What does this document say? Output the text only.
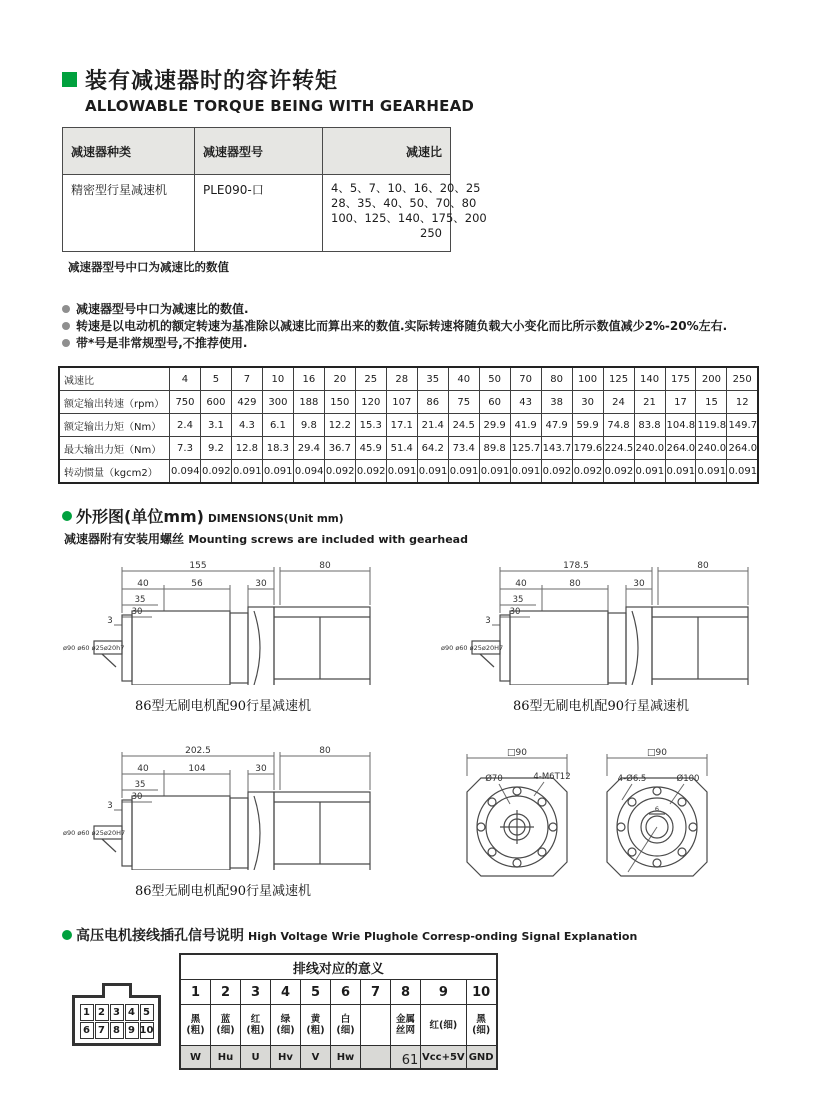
装有减速器时的容许转矩
ALLOWABLE TORQUE BEING WITH GEARHEAD
减速器种类	减速器型号	减速比
精密型行星减速机	PLE090-口	4、5、7、10、16、20、25
28、35、40、50、70、80
100、125、140、175、200
250
减速器型号中口为减速比的数值
减速器型号中口为减速比的数值.
转速是以电动机的额定转速为基准除以减速比而算出来的数值.实际转速将随负载大小变化而比所示数值减少2%-20%左右.
带*号是非常规型号,不推荐使用.
减速比	4	5	7	10	16	20	25	28	35	40	50	70	80	100	125	140	175	200	250
额定输出转速（rpm）	750	600	429	300	188	150	120	107	86	75	60	43	38	30	24	21	17	15	12
额定输出力矩（Nm）	2.4	3.1	4.3	6.1	9.8	12.2	15.3	17.1	21.4	24.5	29.9	41.9	47.9	59.9	74.8	83.8	104.8	119.8	149.7
最大输出力矩（Nm）	7.3	9.2	12.8	18.3	29.4	36.7	45.9	51.4	64.2	73.4	89.8	125.7	143.7	179.6	224.5	240.0	264.0	240.0	264.0
转动惯量（kgcm2）	0.094	0.092	0.091	0.091	0.094	0.092	0.092	0.091	0.091	0.091	0.091	0.091	0.092	0.092	0.092	0.091	0.091	0.091	0.091
外形图(单位mm) DIMENSIONS(Unit mm)
减速器附有安装用螺丝 Mounting screws are included with gearhead
155	80
40	56	30
35
30
3
ø90 ø60 ø25ø20h7
86型无刷电机配90行星减速机
178.5	80
40	80	30
35
30
3
ø90 ø60 ø25ø20H7
86型无刷电机配90行星减速机
202.5	80
40	104	30
35
30
3
ø90 ø60 ø25ø20H7
86型无刷电机配90行星减速机
□90
Ø70	4-M6T12
□90
4-Ø6.5	Ø100
6
高压电机接线插孔信号说明 High Voltage Wrie Plughole Corresp-onding Signal Explanation
1 2 3 4 5
6 7 8 9 10
排线对应的意义									
1	2	3	4	5	6	7	8	9	10
黑(粗)	蓝(细)	红(粗)	绿(细)	黄(粗)	白(细)		金属丝网	红(细)	黑(细)
W	Hu	U	Hv	V	Hw			Vcc+5V	GND
61
